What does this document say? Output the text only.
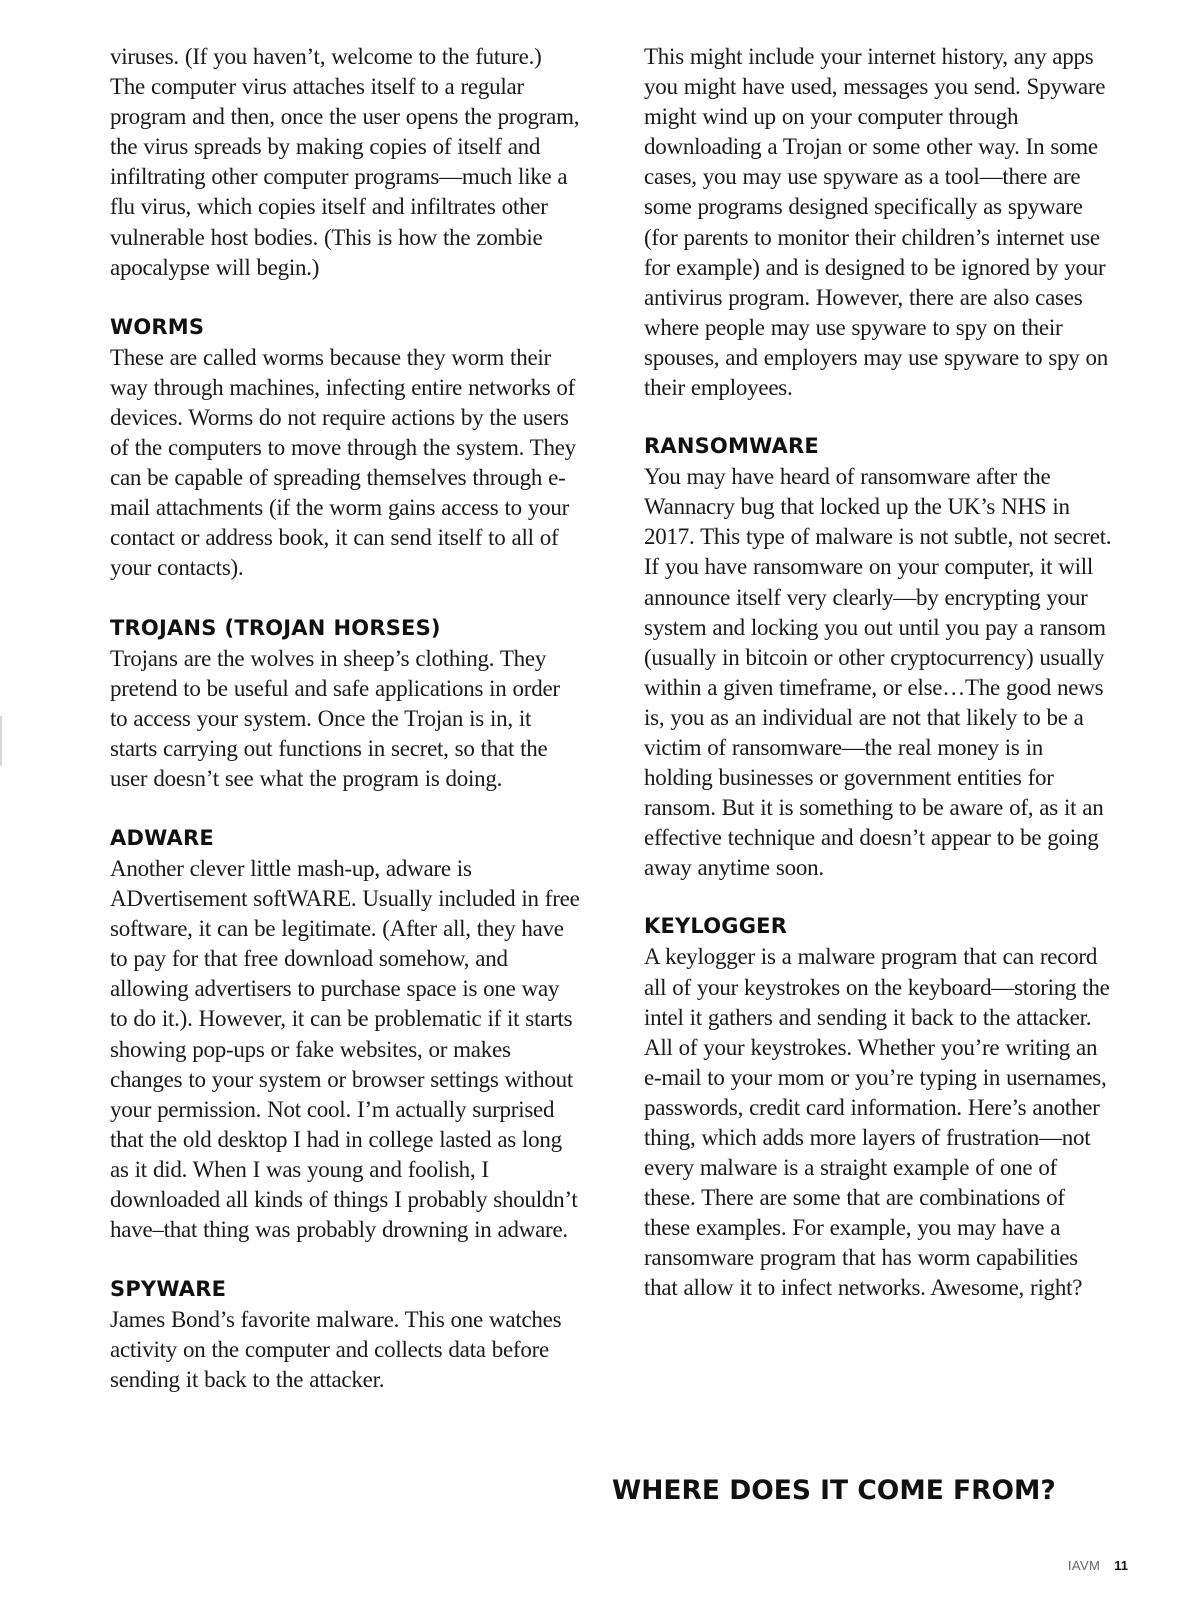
viruses. (If you haven’t, welcome to the future.) The computer virus attaches itself to a regular program and then, once the user opens the program, the virus spreads by making copies of itself and infiltrating other computer programs—much like a flu virus, which copies itself and infiltrates other vulnerable host bodies. (This is how the zombie apocalypse will begin.)

WORMS

These are called worms because they worm their way through machines, infecting entire networks of devices. Worms do not require actions by the users of the computers to move through the system. They can be capable of spreading themselves through e-mail attachments (if the worm gains access to your contact or address book, it can send itself to all of your contacts).

TROJANS (TROJAN HORSES)

Trojans are the wolves in sheep’s clothing. They pretend to be useful and safe applications in order to access your system. Once the Trojan is in, it starts carrying out functions in secret, so that the user doesn’t see what the program is doing.

ADWARE

Another clever little mash-up, adware is ADvertisement softWARE. Usually included in free software, it can be legitimate. (After all, they have to pay for that free download somehow, and allowing advertisers to purchase space is one way to do it.). However, it can be problematic if it starts showing pop-ups or fake websites, or makes changes to your system or browser settings without your permission. Not cool. I’m actually surprised that the old desktop I had in college lasted as long as it did. When I was young and foolish, I downloaded all kinds of things I probably shouldn’t have–that thing was probably drowning in adware.

SPYWARE

James Bond’s favorite malware. This one watches activity on the computer and collects data before sending it back to the attacker.

This might include your internet history, any apps you might have used, messages you send. Spyware might wind up on your computer through downloading a Trojan or some other way. In some cases, you may use spyware as a tool—there are some programs designed specifically as spyware (for parents to monitor their children’s internet use for example) and is designed to be ignored by your antivirus program. However, there are also cases where people may use spyware to spy on their spouses, and employers may use spyware to spy on their employees.

RANSOMWARE

You may have heard of ransomware after the Wannacry bug that locked up the UK’s NHS in 2017. This type of malware is not subtle, not secret. If you have ransomware on your computer, it will announce itself very clearly—by encrypting your system and locking you out until you pay a ransom (usually in bitcoin or other cryptocurrency) usually within a given timeframe, or else…The good news is, you as an individual are not that likely to be a victim of ransomware—the real money is in holding businesses or government entities for ransom. But it is something to be aware of, as it an effective technique and doesn’t appear to be going away anytime soon.

KEYLOGGER

A keylogger is a malware program that can record all of your keystrokes on the keyboard—storing the intel it gathers and sending it back to the attacker. All of your keystrokes. Whether you’re writing an e-mail to your mom or you’re typing in usernames, passwords, credit card information. Here’s another thing, which adds more layers of frustration—not every malware is a straight example of one of these. There are some that are combinations of these examples. For example, you may have a ransomware program that has worm capabilities that allow it to infect networks. Awesome, right?

WHERE DOES IT COME FROM?
IAVM 11
